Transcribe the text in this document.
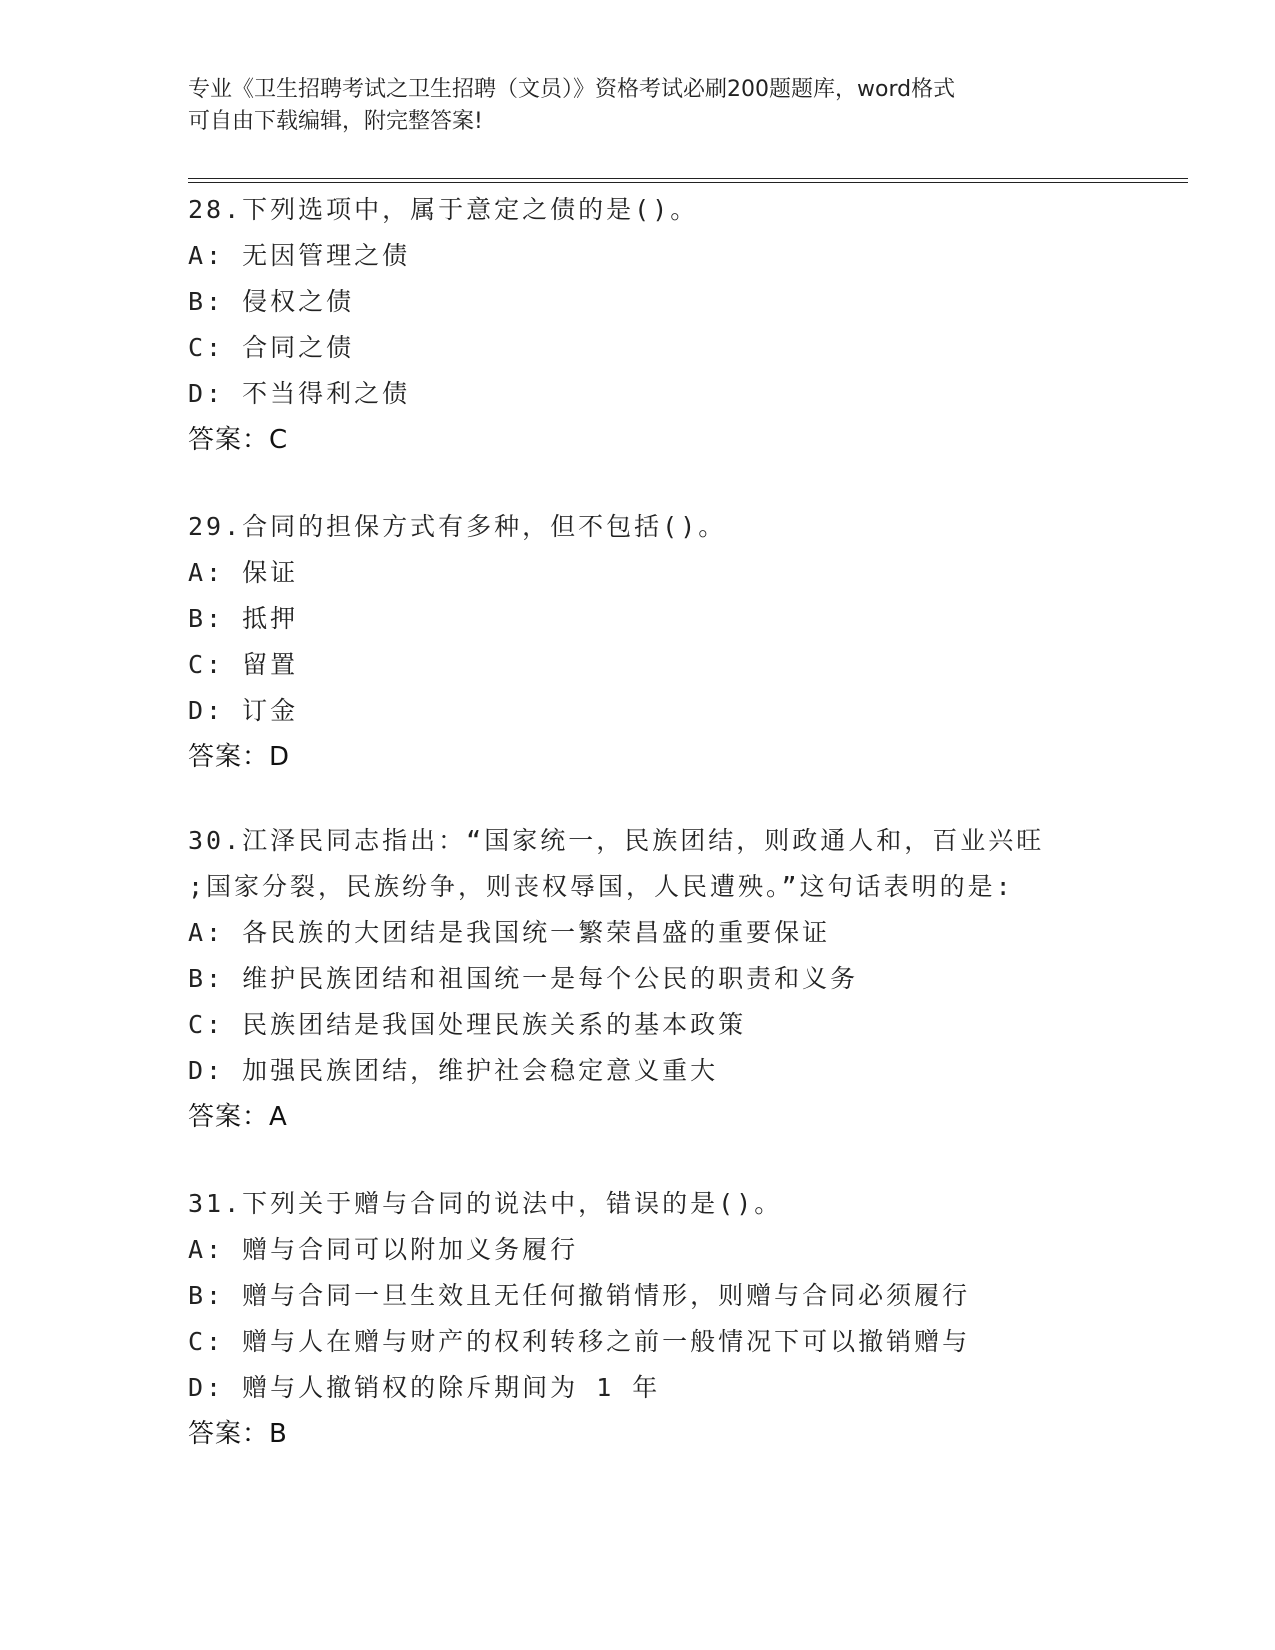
专业《卫生招聘考试之卫生招聘（文员）》资格考试必刷200题题库，word格式
可自由下载编辑，附完整答案!
28.下列选项中，属于意定之债的是()。
A: 无因管理之债
B: 侵权之债
C: 合同之债
D: 不当得利之债
答案：C
29.合同的担保方式有多种，但不包括()。
A: 保证
B: 抵押
C: 留置
D: 订金
答案：D
30.江泽民同志指出：“国家统一，民族团结，则政通人和，百业兴旺
;国家分裂，民族纷争，则丧权辱国，人民遭殃。”这句话表明的是:
A: 各民族的大团结是我国统一繁荣昌盛的重要保证
B: 维护民族团结和祖国统一是每个公民的职责和义务
C: 民族团结是我国处理民族关系的基本政策
D: 加强民族团结，维护社会稳定意义重大
答案：A
31.下列关于赠与合同的说法中，错误的是()。
A: 赠与合同可以附加义务履行
B: 赠与合同一旦生效且无任何撤销情形，则赠与合同必须履行
C: 赠与人在赠与财产的权利转移之前一般情况下可以撤销赠与
D: 赠与人撤销权的除斥期间为 1 年
答案：B
